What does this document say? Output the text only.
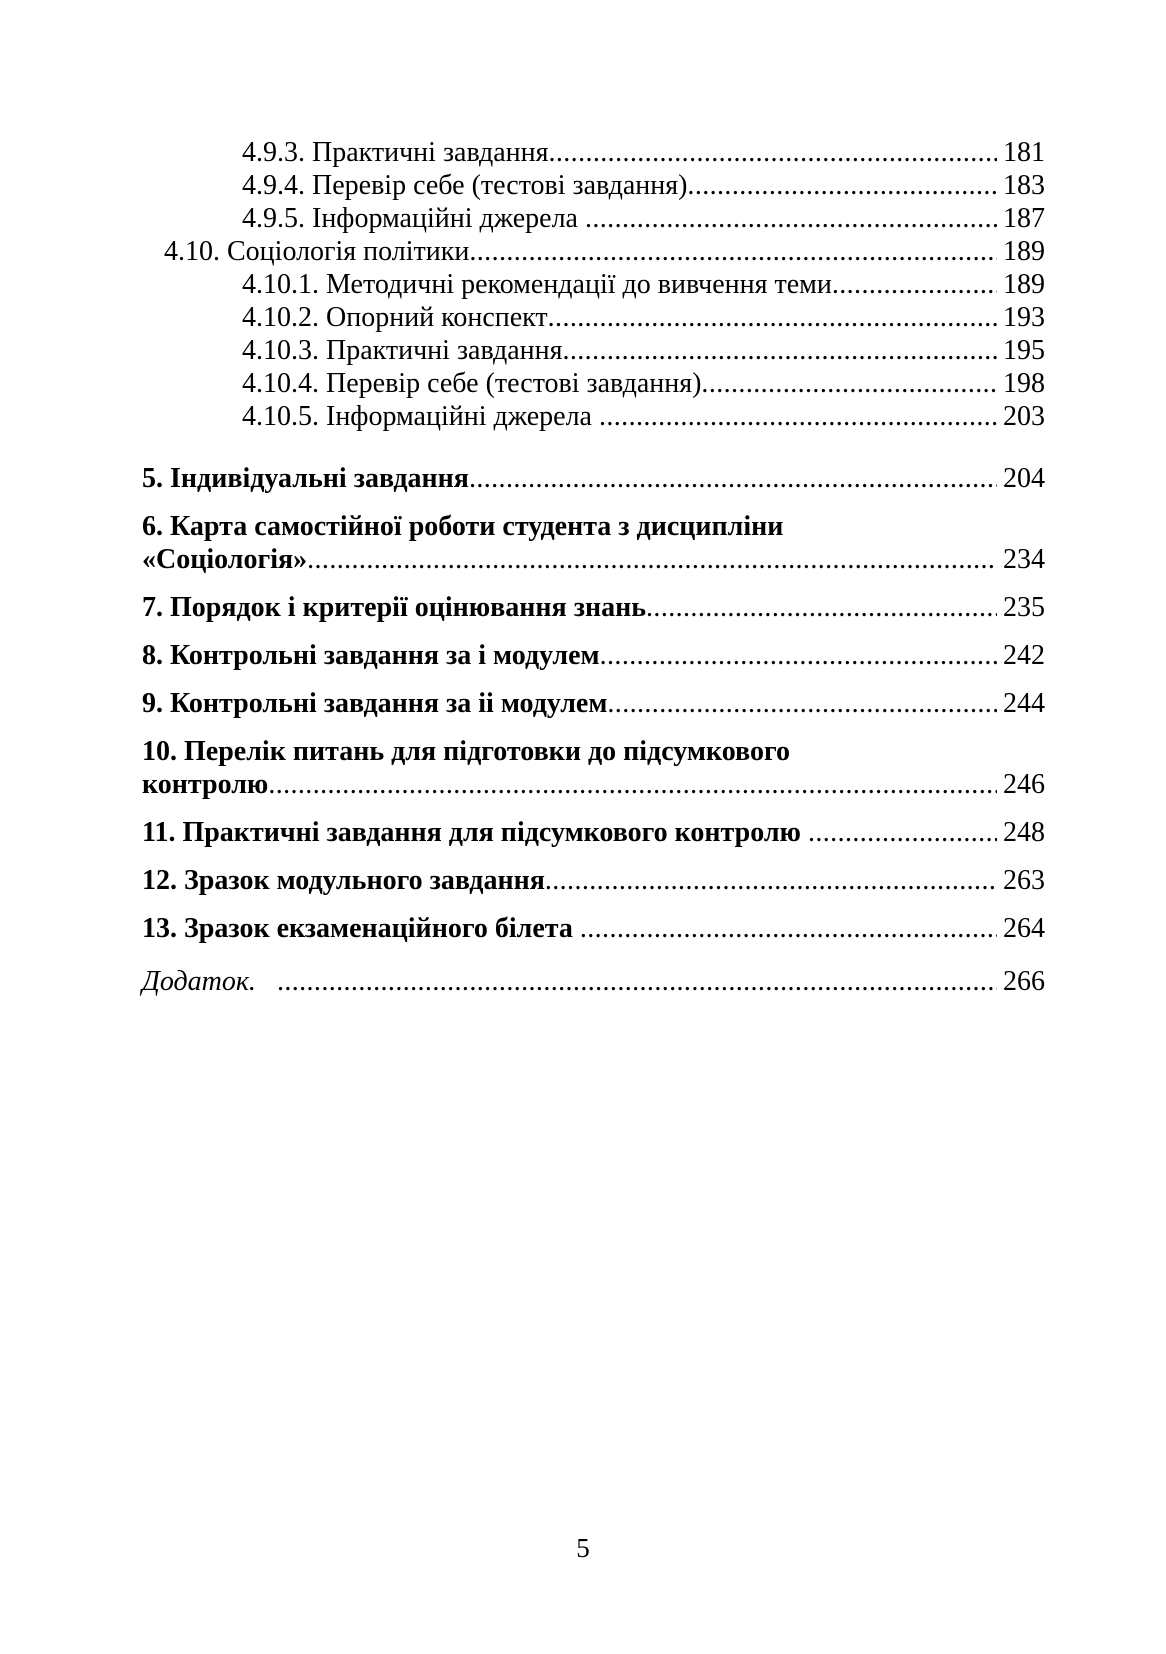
4.9.3. Практичні завдання .....	181
4.9.4. Перевір себе (тестові завдання) .....	183
4.9.5. Інформаційні джерела .....	187
4.10. Соціологія політики .....	189
4.10.1. Методичні рекомендації до вивчення теми .....	189
4.10.2. Опорний конспект .....	193
4.10.3. Практичні завдання .....	195
4.10.4. Перевір себе (тестові завдання) .....	198
4.10.5. Інформаційні джерела .....	203
5. Індивідуальні завдання .....	204
6. Карта самостійної роботи студента з дисципліни
«Соціологія» .....	234
7. Порядок і критерії оцінювання знань .....	235
8. Контрольні завдання за і модулем .....	242
9. Контрольні завдання за іі модулем .....	244
10. Перелік питань для підготовки до підсумкового
контролю .....	246
11. Практичні завдання для підсумкового контролю .....	248
12. Зразок модульного завдання .....	263
13. Зразок екзаменаційного білета .....	264
Додаток. .....	266
5
